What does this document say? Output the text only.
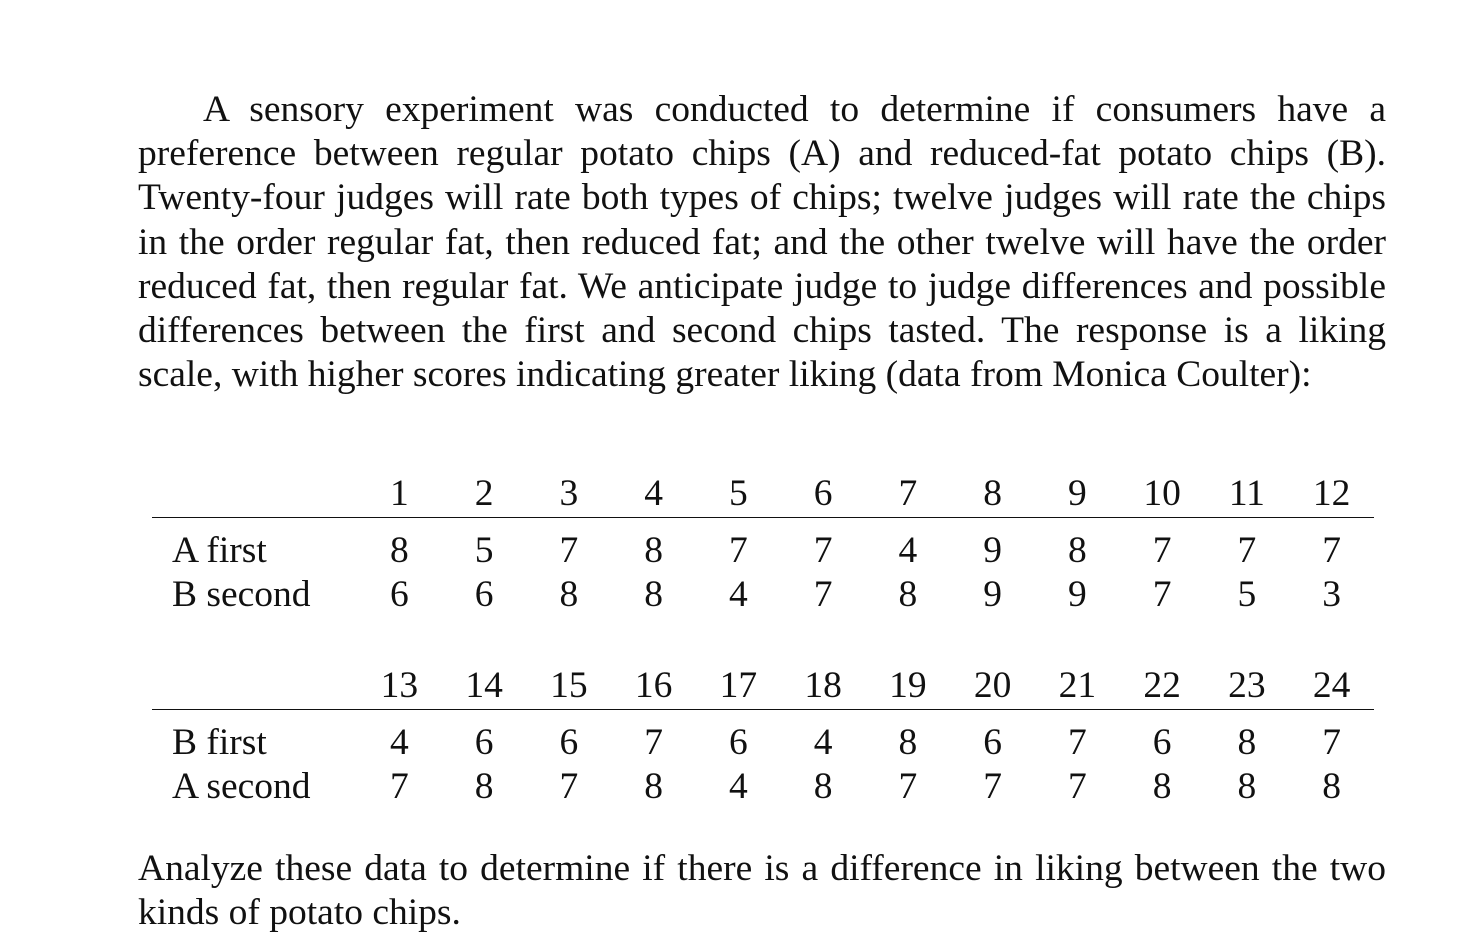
A sensory experiment was conducted to determine if consumers have a preference between regular potato chips (A) and reduced-fat potato chips (B). Twenty-four judges will rate both types of chips; twelve judges will rate the chips in the order regular fat, then reduced fat; and the other twelve will have the order reduced fat, then regular fat. We anticipate judge to judge differences and possible differences between the first and second chips tasted. The response is a liking scale, with higher scores indicating greater liking (data from Monica Coulter):

	1	2	3	4	5	6	7	8	9	10	11	12
A first	8	5	7	8	7	7	4	9	8	7	7	7
B second	6	6	8	8	4	7	8	9	9	7	5	3
	13	14	15	16	17	18	19	20	21	22	23	24
B first	4	6	6	7	6	4	8	6	7	6	8	7
A second	7	8	7	8	4	8	7	7	7	8	8	8

Analyze these data to determine if there is a difference in liking between the two kinds of potato chips.
